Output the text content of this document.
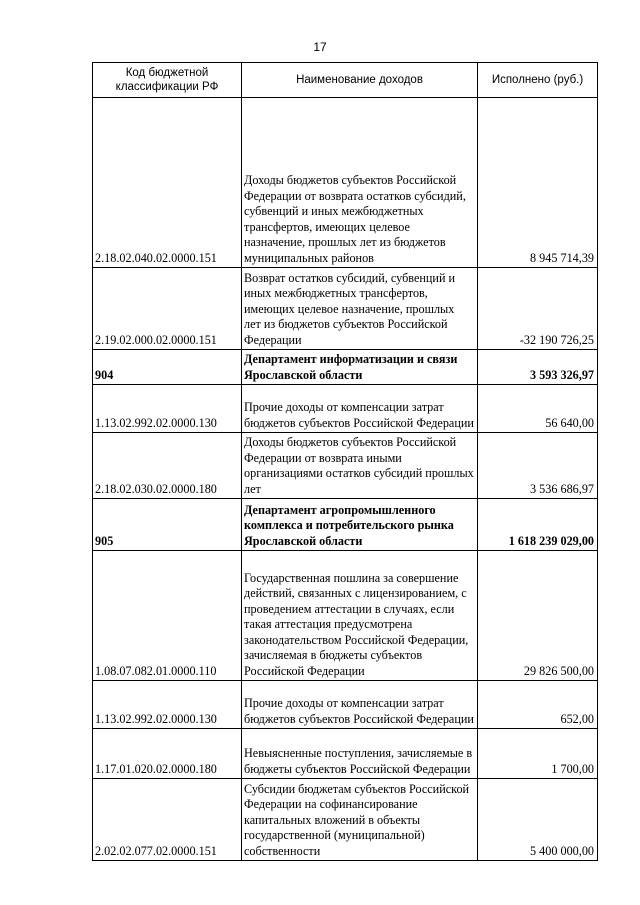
17
Код бюджетной классификации РФ	Наименование доходов	Исполнено (руб.)
2.18.02.040.02.0000.151	Доходы бюджетов субъектов Российской Федерации от возврата остатков субсидий, субвенций и иных межбюджетных трансфертов, имеющих целевое назначение, прошлых лет из бюджетов муниципальных районов	8 945 714,39
2.19.02.000.02.0000.151	Возврат остатков субсидий, субвенций и иных межбюджетных трансфертов, имеющих целевое назначение, прошлых лет из бюджетов субъектов Российской Федерации	-32 190 726,25
904	Департамент информатизации и связи Ярославской области	3 593 326,97
1.13.02.992.02.0000.130	Прочие доходы от компенсации затрат бюджетов субъектов Российской Федерации	56 640,00
2.18.02.030.02.0000.180	Доходы бюджетов субъектов Российской Федерации от возврата иными организациями остатков субсидий прошлых лет	3 536 686,97
905	Департамент агропромышленного комплекса и потребительского рынка Ярославской области	1 618 239 029,00
1.08.07.082.01.0000.110	Государственная пошлина за совершение действий, связанных с лицензированием, с проведением аттестации в случаях, если такая аттестация предусмотрена законодательством Российской Федерации, зачисляемая в бюджеты субъектов Российской Федерации	29 826 500,00
1.13.02.992.02.0000.130	Прочие доходы от компенсации затрат бюджетов субъектов Российской Федерации	652,00
1.17.01.020.02.0000.180	Невыясненные поступления, зачисляемые в бюджеты субъектов Российской Федерации	1 700,00
2.02.02.077.02.0000.151	Субсидии бюджетам субъектов Российской Федерации на софинансирование капитальных вложений в объекты государственной (муниципальной) собственности	5 400 000,00
